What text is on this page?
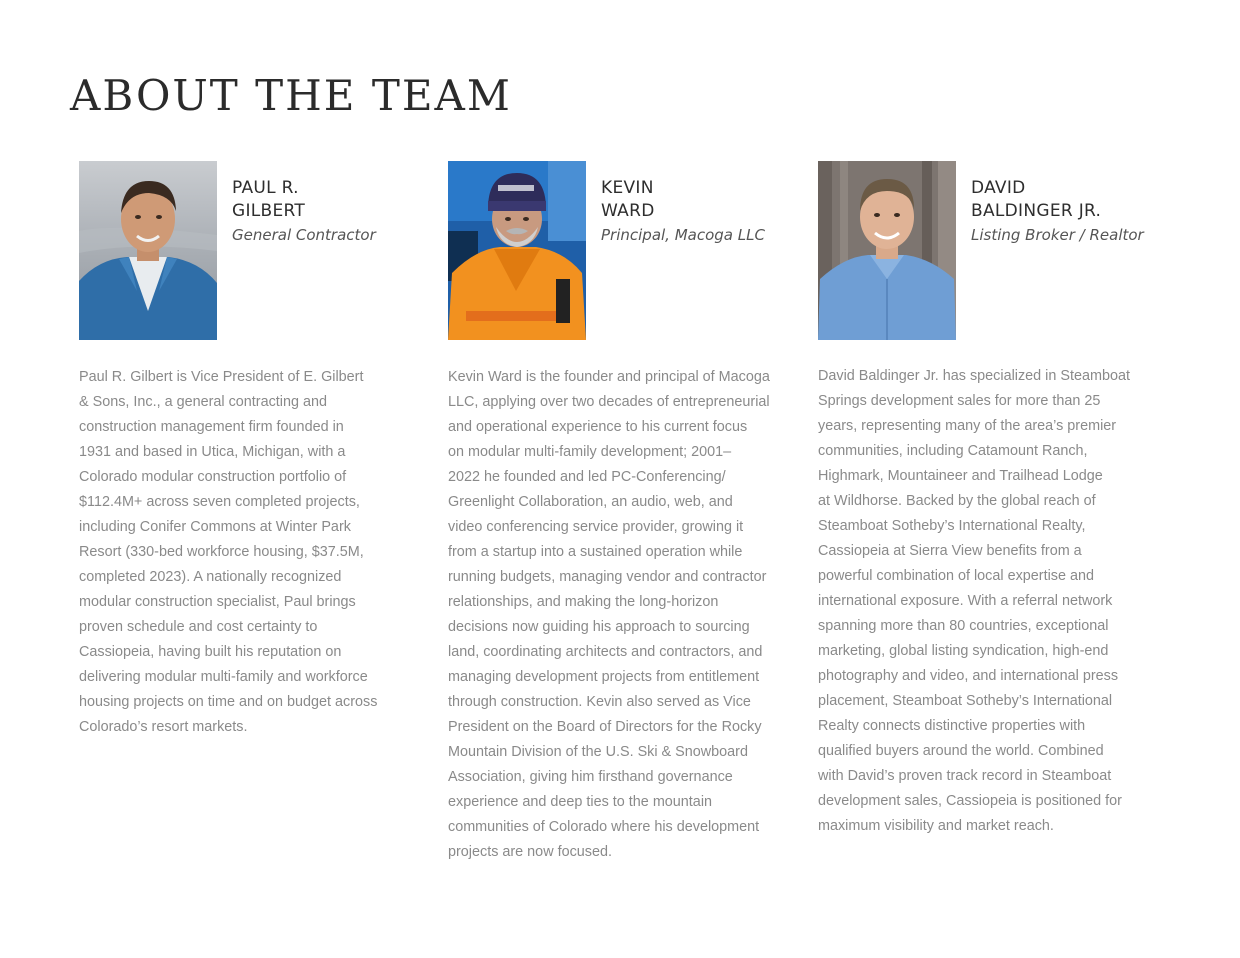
ABOUT THE TEAM
PAUL R.
GILBERT
General Contractor

Paul R. Gilbert is Vice President of E. Gilbert
& Sons, Inc., a general contracting and
construction management firm founded in
1931 and based in Utica, Michigan, with a
Colorado modular construction portfolio of
$112.4M+ across seven completed projects,
including Conifer Commons at Winter Park
Resort (330-bed workforce housing, $37.5M,
completed 2023). A nationally recognized
modular construction specialist, Paul brings
proven schedule and cost certainty to
Cassiopeia, having built his reputation on
delivering modular multi-family and workforce
housing projects on time and on budget across
Colorado’s resort markets.

KEVIN
WARD
Principal, Macoga LLC

Kevin Ward is the founder and principal of Macoga
LLC, applying over two decades of entrepreneurial
and operational experience to his current focus
on modular multi-family development; 2001–
2022 he founded and led PC-Conferencing/
Greenlight Collaboration, an audio, web, and
video conferencing service provider, growing it
from a startup into a sustained operation while
running budgets, managing vendor and contractor
relationships, and making the long-horizon
decisions now guiding his approach to sourcing
land, coordinating architects and contractors, and
managing development projects from entitlement
through construction. Kevin also served as Vice
President on the Board of Directors for the Rocky
Mountain Division of the U.S. Ski & Snowboard
Association, giving him firsthand governance
experience and deep ties to the mountain
communities of Colorado where his development
projects are now focused.

DAVID
BALDINGER JR.
Listing Broker / Realtor

David Baldinger Jr. has specialized in Steamboat
Springs development sales for more than 25
years, representing many of the area’s premier
communities, including Catamount Ranch,
Highmark, Mountaineer and Trailhead Lodge
at Wildhorse. Backed by the global reach of
Steamboat Sotheby’s International Realty,
Cassiopeia at Sierra View benefits from a
powerful combination of local expertise and
international exposure. With a referral network
spanning more than 80 countries, exceptional
marketing, global listing syndication, high-end
photography and video, and international press
placement, Steamboat Sotheby’s International
Realty connects distinctive properties with
qualified buyers around the world. Combined
with David’s proven track record in Steamboat
development sales, Cassiopeia is positioned for
maximum visibility and market reach.
